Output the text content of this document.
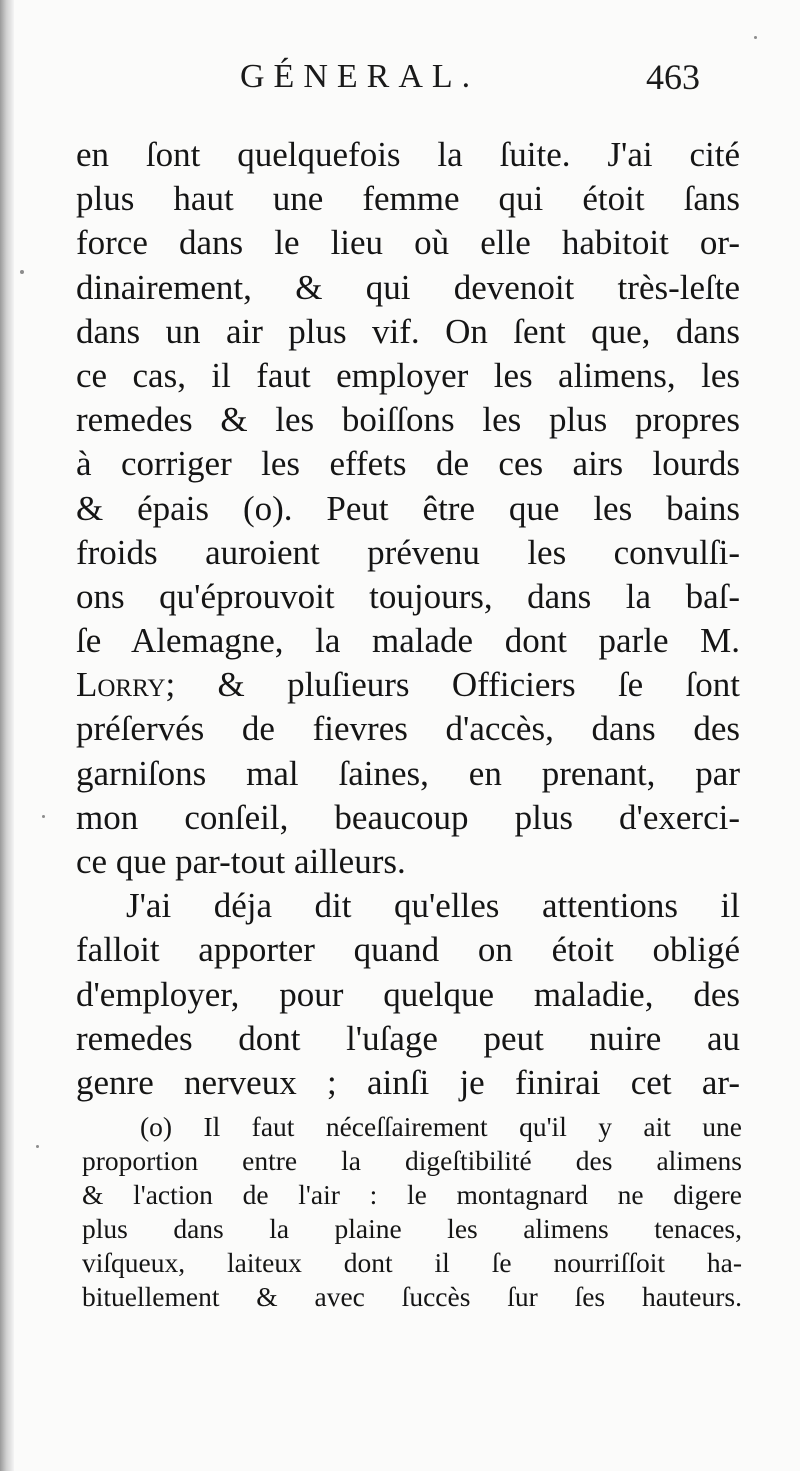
GÉNERAL.	463
en ſont quelquefois la ſuite. J'ai cité
plus haut une femme qui étoit ſans
force dans le lieu où elle habitoit or-
dinairement, & qui devenoit très-leſte
dans un air plus vif. On ſent que, dans
ce cas, il faut employer les alimens, les
remedes & les boiſſons les plus propres
à corriger les effets de ces airs lourds
& épais (o). Peut être que les bains
froids auroient prévenu les convulſi-
ons qu'éprouvoit toujours, dans la baſ-
ſe Alemagne, la malade dont parle M.
Lorry; & pluſieurs Officiers ſe ſont
préſervés de fievres d'accès, dans des
garniſons mal ſaines, en prenant, par
mon conſeil, beaucoup plus d'exerci-
ce que par-tout ailleurs.
J'ai déja dit qu'elles attentions il
falloit apporter quand on étoit obligé
d'employer, pour quelque maladie, des
remedes dont l'uſage peut nuire au
genre nerveux ; ainſi je finirai cet ar-
(o) Il faut néceſſairement qu'il y ait une
proportion entre la digeſtibilité des alimens
& l'action de l'air : le montagnard ne digere
plus dans la plaine les alimens tenaces,
viſqueux, laiteux dont il ſe nourriſſoit ha-
bituellement & avec ſuccès ſur ſes hauteurs.
